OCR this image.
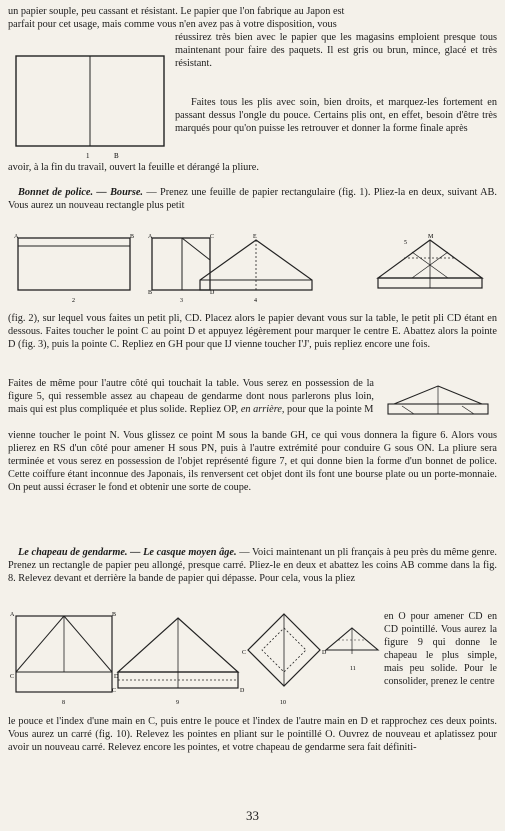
un papier souple, peu cassant et résistant. Le papier que l'on fabrique au Japon est

parfait pour cet usage, mais comme vous n'en avez pas à votre disposition, vous

1	B

réussirez très bien avec le papier que les magasins emploient presque tous maintenant pour faire des paquets. Il est gris ou brun, mince, glacé et très résistant.

Faites tous les plis avec soin, bien droits, et marquez-les fortement en passant dessus l'ongle du pouce. Certains plis ont, en effet, besoin d'être très marqués pour qu'on puisse les retrouver et donner la forme finale après

avoir, à la fin du travail, ouvert la feuille et dérangé la pliure.

Bonnet de police. — Bourse. — Prenez une feuille de papier rectangulaire (fig. 1). Pliez-la en deux, suivant AB. Vous aurez un nouveau rectangle plus petit

A	B
2
A	C
B	D
3
E
4
5
M

(fig. 2), sur lequel vous faites un petit pli, CD. Placez alors le papier devant vous sur la table, le petit pli CD étant en dessous. Faites toucher le point C au point D et appuyez légèrement pour marquer le centre E. Abattez alors la pointe D (fig. 3), puis la pointe C. Repliez en GH pour que IJ vienne toucher I'J', puis repliez encore une fois.

Faites de même pour l'autre côté qui touchait la table. Vous serez en possession de la figure 5, qui ressemble assez au chapeau de gendarme dont nous parlerons plus loin, mais qui est plus compliquée et plus solide. Repliez OP, en arrière, pour que la pointe M

vienne toucher le point N. Vous glissez ce point M sous la bande GH, ce qui vous donnera la figure 6. Alors vous plierez en RS d'un côté pour amener H sous PN, puis à l'autre extrémité pour conduire G sous ON. La pliure sera terminée et vous serez en possession de l'objet représenté figure 7, et qui donne bien la forme d'un bonnet de police. Cette coiffure étant inconnue des Japonais, ils renversent cet objet dont ils font une bourse plate ou un porte-monnaie. On peut aussi écraser le fond et obtenir une sorte de coupe.

Le chapeau de gendarme. — Le casque moyen âge. — Voici maintenant un pli français à peu près du même genre. Prenez un rectangle de papier peu allongé, presque carré. Pliez-le en deux et abattez les coins AB comme dans la fig. 8. Relevez devant et derrière la bande de papier qui dépasse. Pour cela, vous la pliez

A	B
C	D
8
C	D
9
C	D
10
11

en O pour amener CD en CD pointillé. Vous aurez la figure 9 qui donne le chapeau le plus simple, mais peu solide. Pour le consolider, prenez le centre

le pouce et l'index d'une main en C, puis entre le pouce et l'index de l'autre main en D et rapprochez ces deux points. Vous aurez un carré (fig. 10). Relevez les pointes en pliant sur le pointillé O. Ouvrez de nouveau et aplatissez pour avoir un nouveau carré. Relevez encore les pointes, et votre chapeau de gendarme sera fait définiti-

33
